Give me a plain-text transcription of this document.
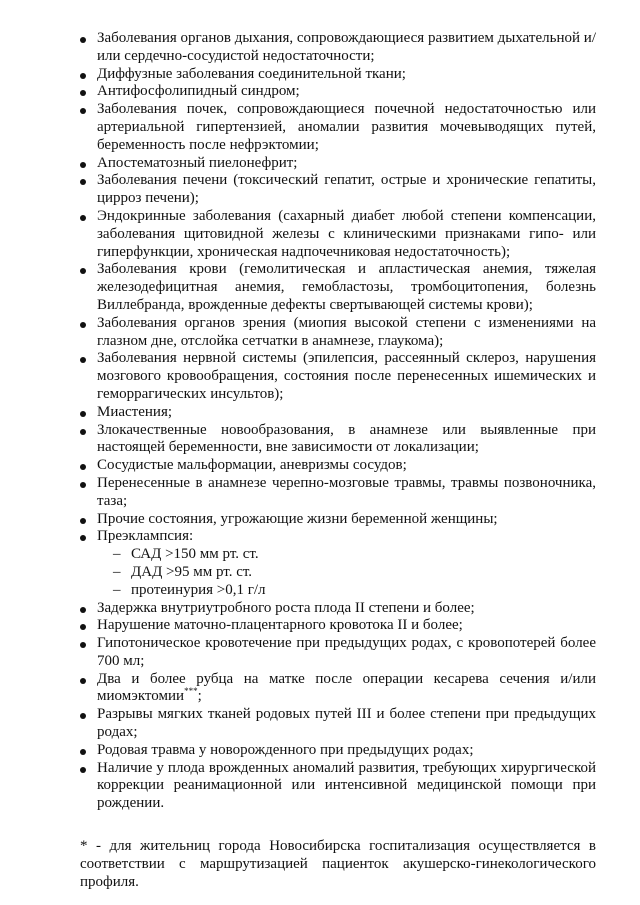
Заболевания органов дыхания, сопровождающиеся развитием дыхательной и/или сердечно-сосудистой недостаточности;
Диффузные заболевания соединительной ткани;
Антифосфолипидный синдром;
Заболевания почек, сопровождающиеся почечной недостаточностью или артериальной гипертензией, аномалии развития мочевыводящих путей, беременность после нефрэктомии;
Апостематозный пиелонефрит;
Заболевания печени (токсический гепатит, острые и хронические гепатиты, цирроз печени);
Эндокринные заболевания (сахарный диабет любой степени компенсации, заболевания щитовидной железы с клиническими признаками гипо- или гиперфункции, хроническая надпочечниковая недостаточность);
Заболевания крови (гемолитическая и апластическая анемия, тяжелая железодефицитная анемия, гемобластозы, тромбоцитопения, болезнь Виллебранда, врожденные дефекты свертывающей системы крови);
Заболевания органов зрения (миопия высокой степени с изменениями на глазном дне, отслойка сетчатки в анамнезе, глаукома);
Заболевания нервной системы (эпилепсия, рассеянный склероз, нарушения мозгового кровообращения, состояния после перенесенных ишемических и геморрагических инсультов);
Миастения;
Злокачественные новообразования, в анамнезе или выявленные при настоящей беременности, вне зависимости от локализации;
Сосудистые мальформации, аневризмы сосудов;
Перенесенные в анамнезе черепно-мозговые травмы, травмы позвоночника, таза;
Прочие состояния, угрожающие жизни беременной женщины;
Преэклампсия:
– САД >150 мм рт. ст.
– ДАД >95 мм рт. ст.
– протеинурия >0,1 г/л
Задержка внутриутробного роста плода II степени и более;
Нарушение маточно-плацентарного кровотока II и более;
Гипотоническое кровотечение при предыдущих родах, с кровопотерей более 700 мл;
Два и более рубца на матке после операции кесарева сечения и/или миомэктомии***;
Разрывы мягких тканей родовых путей III и более степени при предыдущих родах;
Родовая травма у новорожденного при предыдущих родах;
Наличие у плода врожденных аномалий развития, требующих хирургической коррекции реанимационной или интенсивной медицинской помощи при рождении.
* - для жительниц города Новосибирска госпитализация осуществляется в соответствии с маршрутизацией пациенток акушерско-гинекологического профиля.
